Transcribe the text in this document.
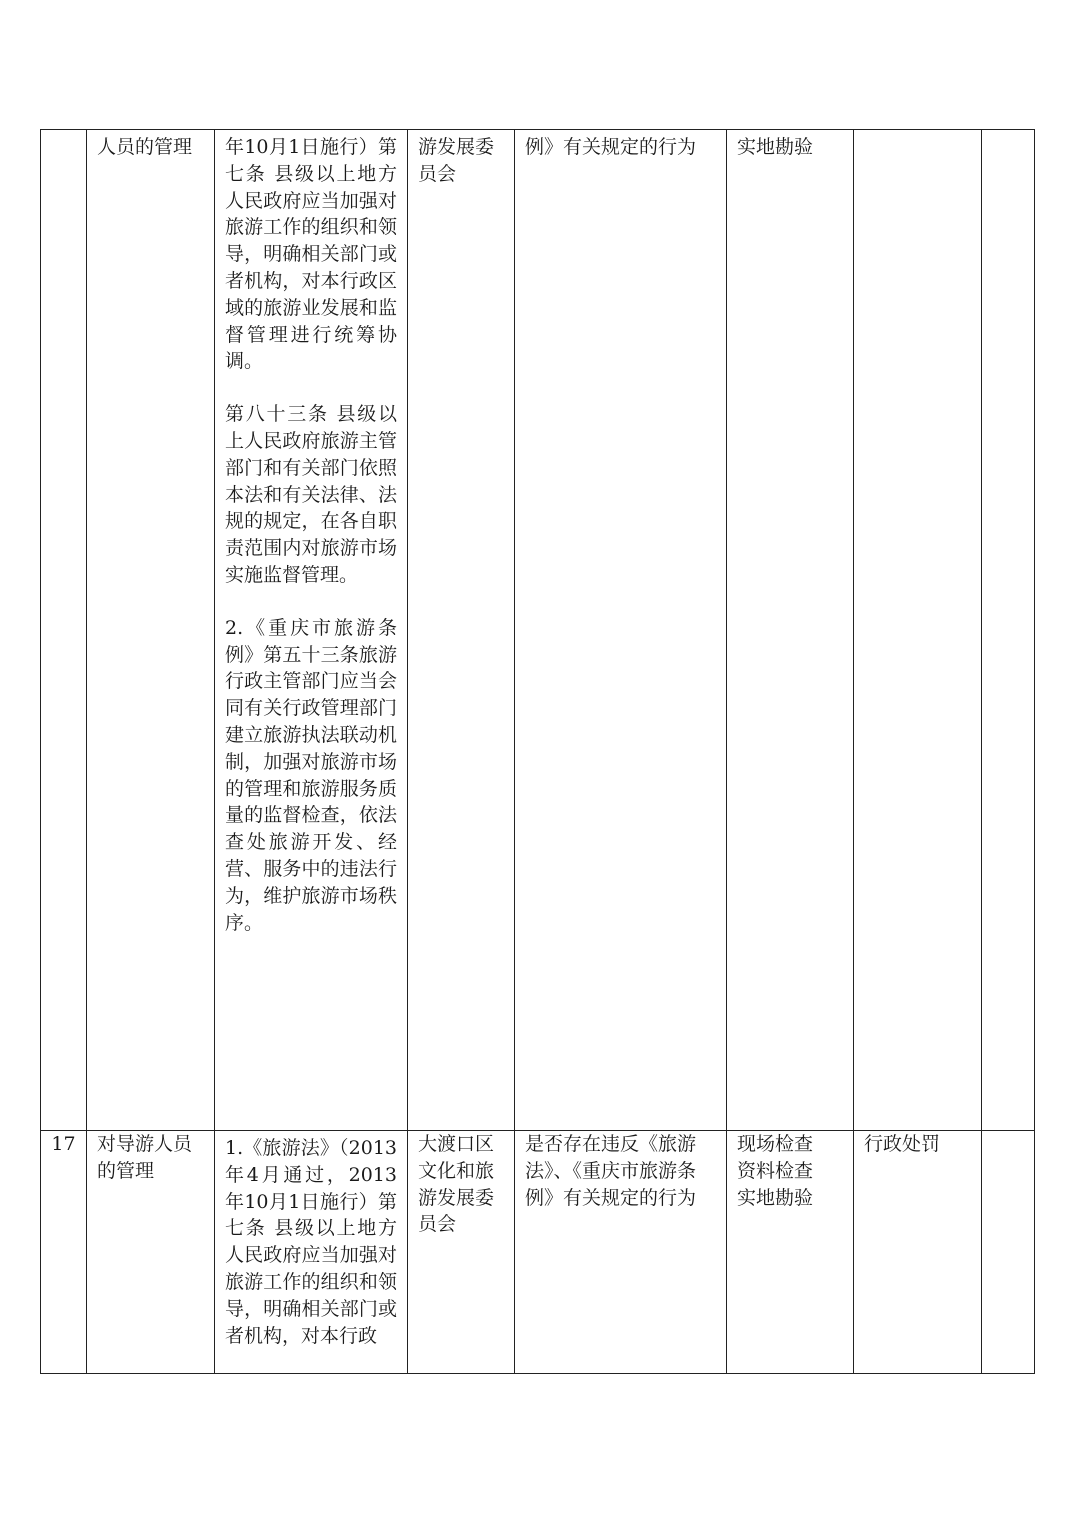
	人员的管理	年10月1日施行）第七条 县级以上地方人民政府应当加强对旅游工作的组织和领导，明确相关部门或者机构，对本行政区域的旅游业发展和监督管理进行统筹协调。

第八十三条 县级以上人民政府旅游主管部门和有关部门依照本法和有关法律、法规的规定，在各自职责范围内对旅游市场实施监督管理。

2.《重庆市旅游条例》第五十三条旅游行政主管部门应当会同有关行政管理部门建立旅游执法联动机制，加强对旅游市场的管理和旅游服务质量的监督检查，依法查处旅游开发、经营、服务中的违法行为，维护旅游市场秩序。	游发展委员会	例》有关规定的行为	实地勘验		

17	对导游人员的管理	1.《旅游法》（2013年4月通过，2013年10月1日施行）第七条 县级以上地方人民政府应当加强对旅游工作的组织和领导，明确相关部门或者机构，对本行政	大渡口区文化和旅游发展委员会	是否存在违反《旅游法》、《重庆市旅游条例》有关规定的行为	现场检查
资料检查
实地勘验	行政处罚	
